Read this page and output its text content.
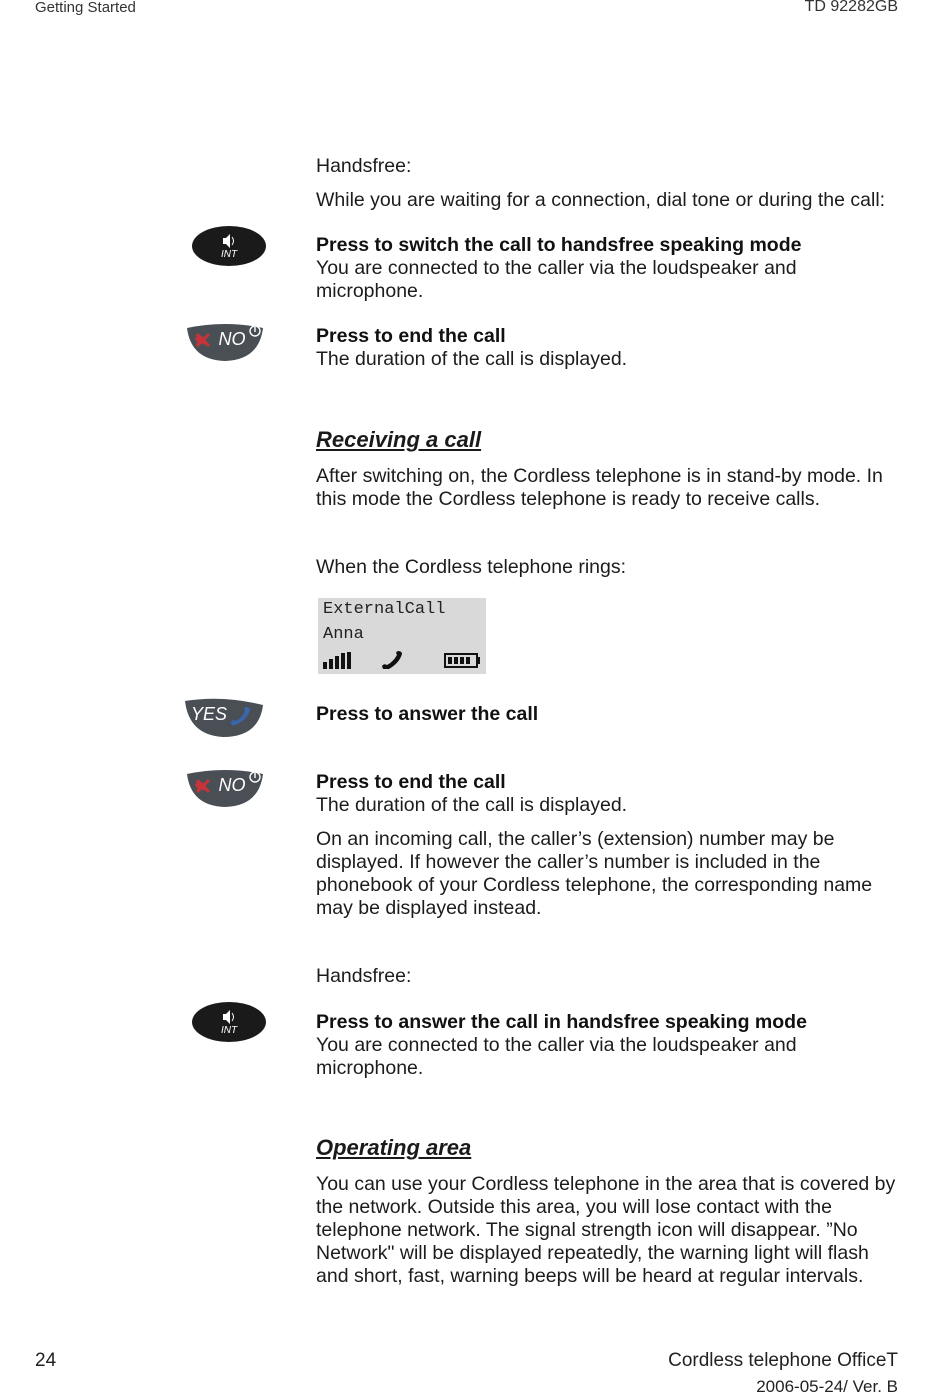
Getting Started	TD 92282GB
Handsfree:
While you are waiting for a connection, dial tone or during the call:
INT	Press to switch the call to handsfree speaking mode
You are connected to the caller via the loudspeaker and
microphone.
NO	Press to end the call
The duration of the call is displayed.
Receiving a call
After switching on, the Cordless telephone is in stand-by mode. In
this mode the Cordless telephone is ready to receive calls.
When the Cordless telephone rings:
ExternalCall
Anna
YES	Press to answer the call
NO	Press to end the call
The duration of the call is displayed.
On an incoming call, the caller’s (extension) number may be
displayed. If however the caller’s number is included in the
phonebook of your Cordless telephone, the corresponding name
may be displayed instead.
Handsfree:
INT	Press to answer the call in handsfree speaking mode
You are connected to the caller via the loudspeaker and
microphone.
Operating area
You can use your Cordless telephone in the area that is covered by
the network. Outside this area, you will lose contact with the
telephone network. The signal strength icon will disappear. ”No
Network" will be displayed repeatedly, the warning light will flash
and short, fast, warning beeps will be heard at regular intervals.
24	Cordless telephone OfficeT
2006-05-24/ Ver. B
